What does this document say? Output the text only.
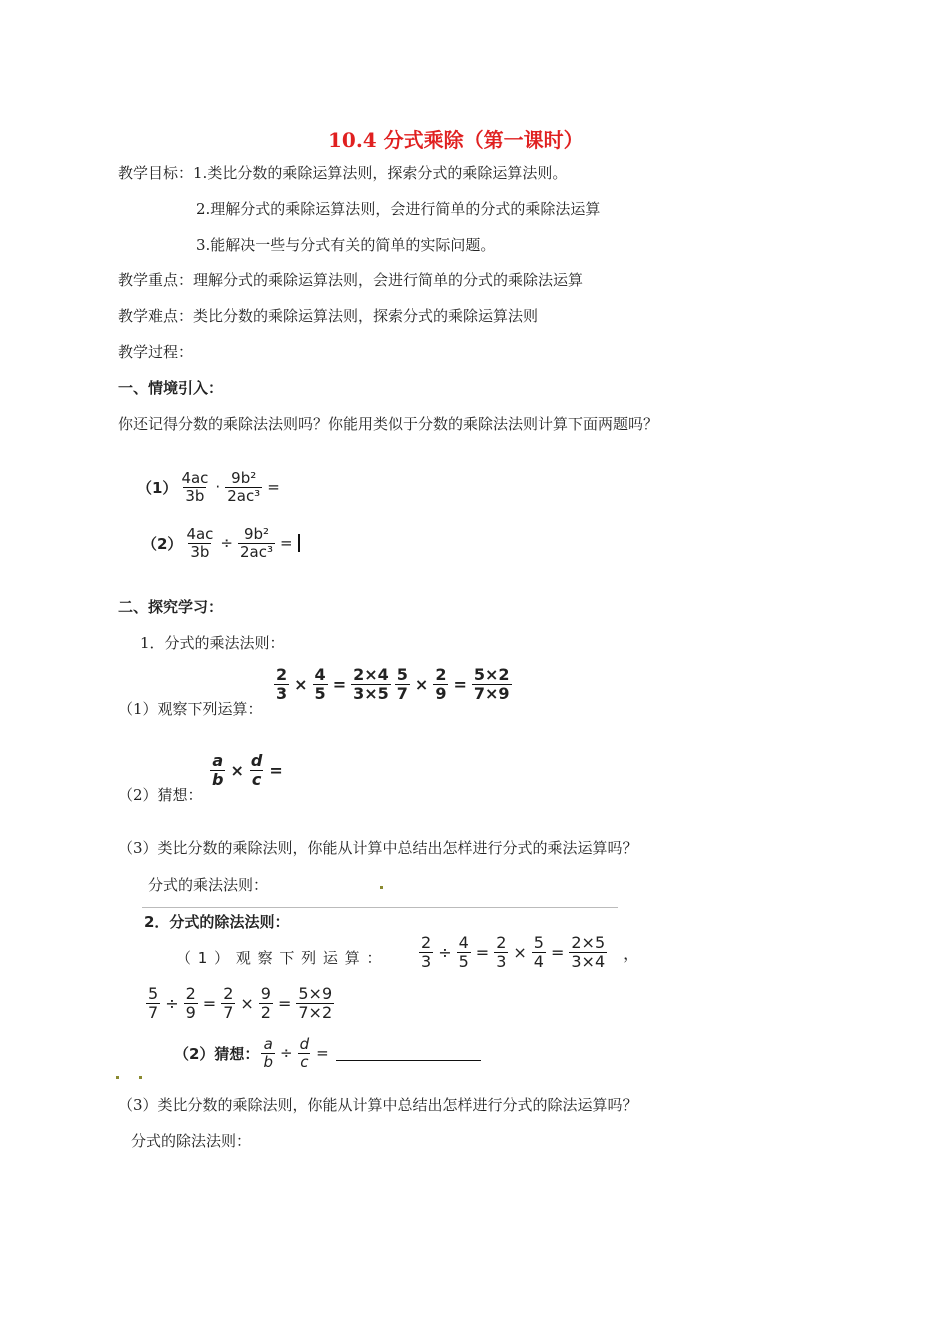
10.4 分式乘除（第一课时）
教学目标：1.类比分数的乘除运算法则，探索分式的乘除运算法则。
2.理解分式的乘除运算法则，会进行简单的分式的乘除法运算
3.能解决一些与分式有关的简单的实际问题。
教学重点：理解分式的乘除运算法则，会进行简单的分式的乘除法运算
教学难点：类比分数的乘除运算法则，探索分式的乘除运算法则
教学过程：
一、情境引入：
你还记得分数的乘除法法则吗？你能用类似于分数的乘除法法则计算下面两题吗？
$(1) \frac{4ac}{3b} \cdot \frac{\text{9b²}}{\text{2ac³}}$ =
$(2) \frac{4ac}{3b} \div \frac{\text{9b²}}{\text{2ac³}}$ =
二、探究学习：
1．分式的乘法法则：
（1）观察下列运算：
$\frac{2}{3} \times \frac{4}{5} = \frac{2\times 4}{3\times 5} \frac{5}{7} \times \frac{2}{9} = \frac{5\times 2}{7\times 9}$
（2）猜想：
$\frac{a}{b} \times \frac{d}{c}$ =
（3）类比分数的乘除法则，你能从计算中总结出怎样进行分式的乘法运算吗？
分式的乘法法则：
2．分式的除法法则：
（ 1 ） 观 察 下 列 运 算 ： $\frac{2}{3} \div \frac{4}{5} = \frac{2}{3} \times \frac{5}{4} = \frac{2\times 5}{3\times 4}$ ，
$\frac{5}{7} \div \frac{2}{9} = \frac{2}{7} \times \frac{9}{2} = \frac{5\times 9}{7\times 2}$
（2）猜想： $\frac{a}{b} \div \frac{d}{c}$ =
（3）类比分数的乘除法则，你能从计算中总结出怎样进行分式的除法运算吗？
分式的除法法则：
